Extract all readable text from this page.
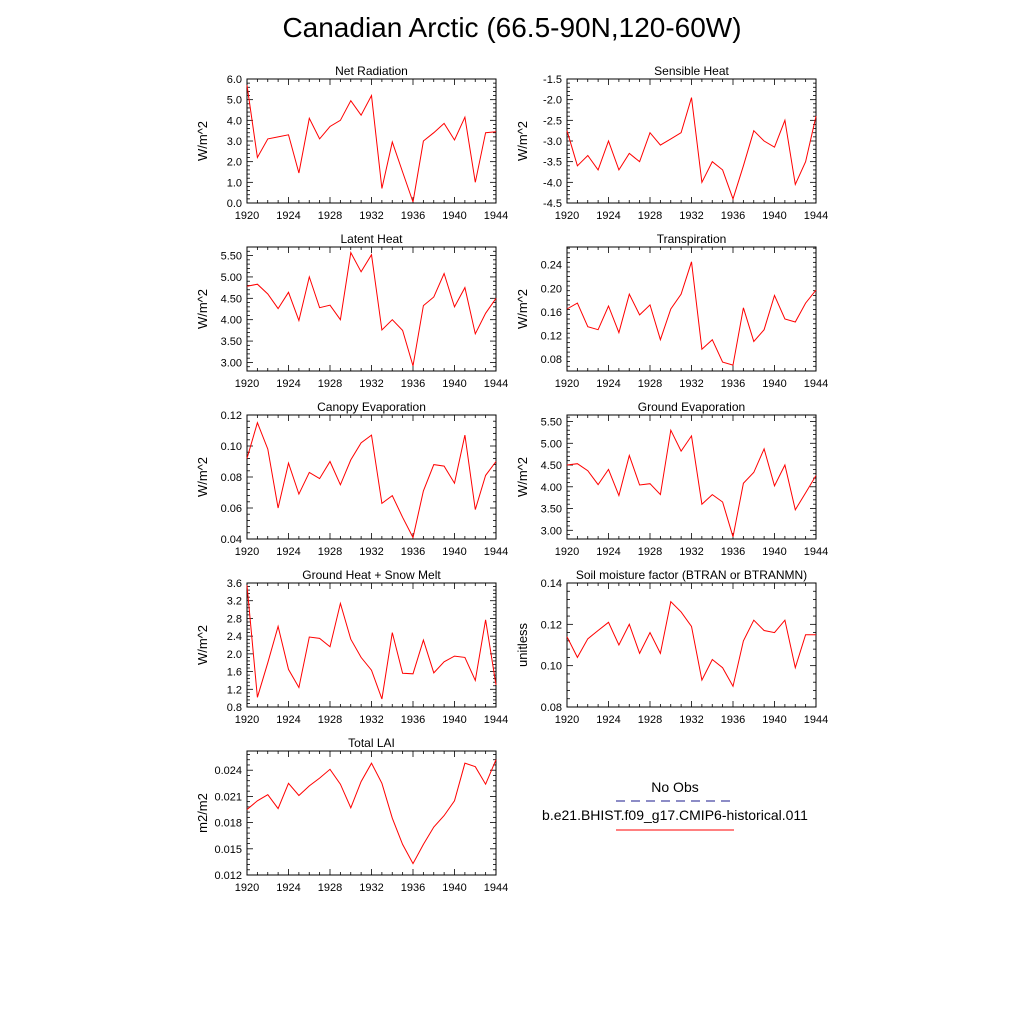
Canadian Arctic (66.5-90N,120-60W)
Net Radiation
W/m^2
1920 1924 1928 1932 1936 1940 1944
0.0
1.0
2.0
3.0
4.0
5.0
6.0
Sensible Heat
W/m^2
1920 1924 1928 1932 1936 1940 1944
-4.5
-4.0
-3.5
-3.0
-2.5
-2.0
-1.5
Latent Heat
W/m^2
1920 1924 1928 1932 1936 1940 1944
3.00
3.50
4.00
4.50
5.00
5.50
Transpiration
W/m^2
1920 1924 1928 1932 1936 1940 1944
0.08
0.12
0.16
0.20
0.24
Canopy Evaporation
W/m^2
1920 1924 1928 1932 1936 1940 1944
0.04
0.06
0.08
0.10
0.12
Ground Evaporation
W/m^2
1920 1924 1928 1932 1936 1940 1944
3.00
3.50
4.00
4.50
5.00
5.50
Ground Heat + Snow Melt
W/m^2
1920 1924 1928 1932 1936 1940 1944
0.8
1.2
1.6
2.0
2.4
2.8
3.2
3.6
Soil moisture factor (BTRAN or BTRANMN)
unitless
1920 1924 1928 1932 1936 1940 1944
0.08
0.10
0.12
0.14
Total LAI
m2/m2
1920 1924 1928 1932 1936 1940 1944
0.012
0.015
0.018
0.021
0.024
No Obs
b.e21.BHIST.f09_g17.CMIP6-historical.011
